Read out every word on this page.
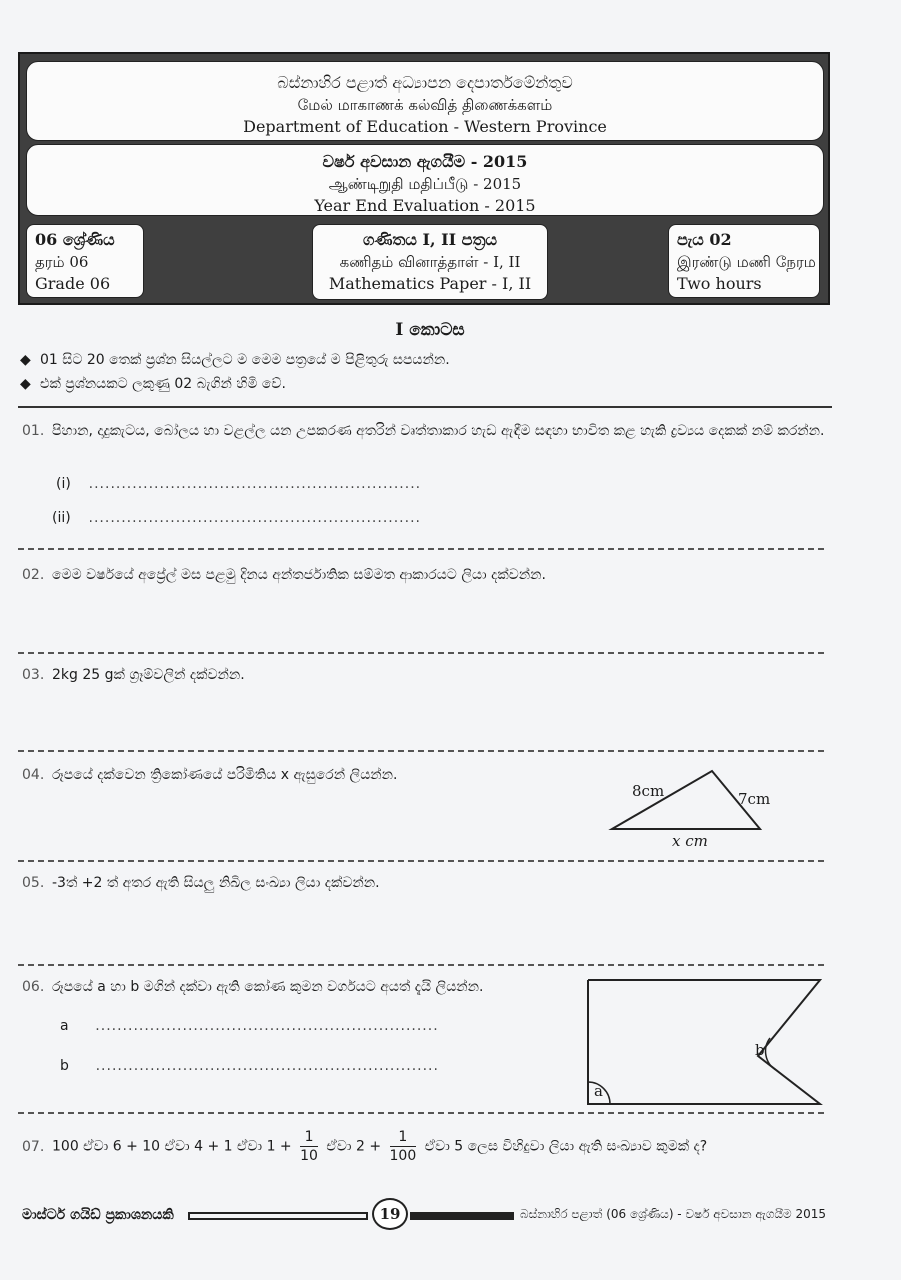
බස්නාහිර පළාත් අධ්‍යාපන දෙපාර්තමේන්තුව
மேல் மாகாணக் கல்வித் திணைக்களம்
Department of Education - Western Province
වර්ෂ අවසාන ඇගයීම - 2015
ஆண்டிறுதி மதிப்பீடு - 2015
Year End Evaluation - 2015
06 ශ්‍රේණිය
தரம் 06
Grade 06
ගණිතය I, II පත්‍රය
கணிதம் வினாத்தாள் - I, II
Mathematics Paper - I, II
පැය 02
இரண்டு மணி நேரம
Two hours
I කොටස
◆ 01 සිට 20 තෙක් ප්‍රශ්න සියල්ලට ම මෙම පත්‍රයේ ම පිළිතුරු සපයන්න.
◆ එක් ප්‍රශ්නයකට ලකුණු 02 බැගින් හිමි වේ.
01. පිහාන, දාදුකැටය, බෝලය හා වළල්ල යන උපකරණ අතරින් වෘත්තාකාර හැඩ ඇඳීම සඳහා භාවිත කළ හැකි ද්‍රව්‍යය දෙකක් නම් කරන්න.
(i) .............................................................
(ii) .............................................................
02. මෙම වර්ෂයේ අප්‍රේල් මස පළමු දිනය අන්තර්ජාතික සම්මත ආකාරයට ලියා දක්වන්න.
03. 2kg 25 gක් ග්‍රෑම්වලින් දක්වන්න.
04. රූපයේ දක්වෙන ත්‍රිකෝණයේ පරිමිතිය x ඇසුරෙන් ලියන්න.
8cm	7cm
x cm
05. -3ත් +2 ත් අතර ඇති සියලු නිඛිල සංඛ්‍යා ලියා දක්වන්න.
06. රූපයේ a හා b මගින් දක්වා ඇති කෝණ කුමන වර්ගයට අයත් දැයි ලියන්න.
a ...............................................................
b ...............................................................
a
b
07. 100 ඒවා 6 + 10 ඒවා 4 + 1 ඒවා $1 + \frac{1}{10}$ ඒවා $2 + \frac{1}{100}$ ඒවා 5 ලෙස විහිදුවා ලියා ඇති සංඛ්‍යාව කුමක් ද?
මාස්ටර් ගයිඩ් ප්‍රකාශනයකි	19	බස්නාහිර පළාත් (06 ශ්‍රේණිය) - වර්ෂ අවසාන ඇගයීම 2015
